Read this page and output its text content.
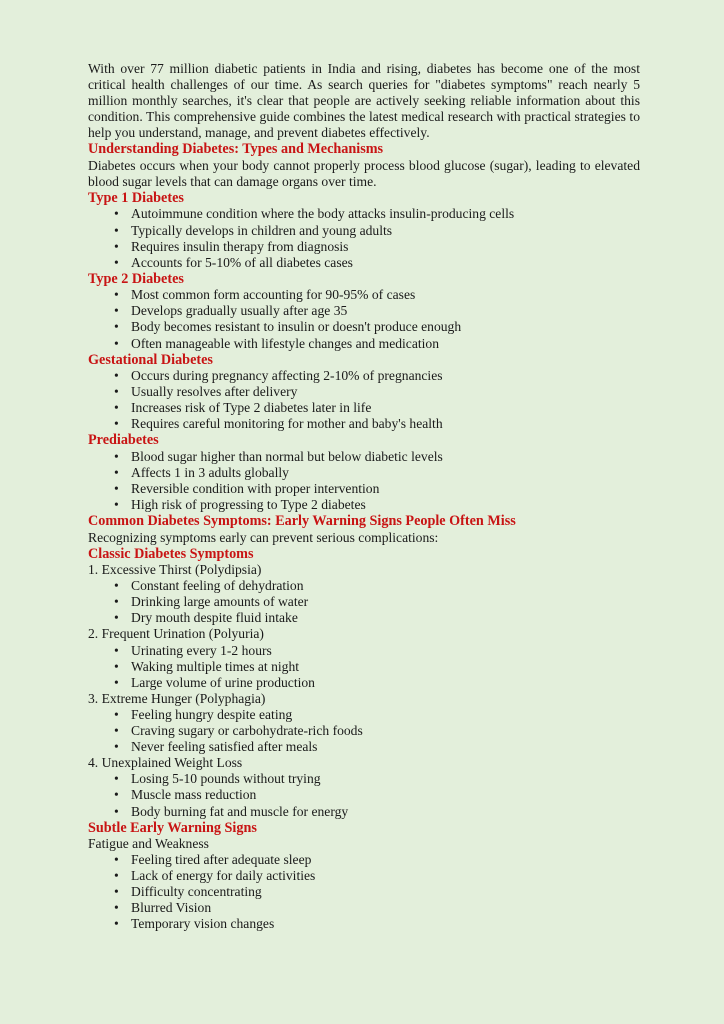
With over 77 million diabetic patients in India and rising, diabetes has become one of the most critical health challenges of our time. As search queries for "diabetes symptoms" reach nearly 5 million monthly searches, it's clear that people are actively seeking reliable information about this condition. This comprehensive guide combines the latest medical research with practical strategies to help you understand, manage, and prevent diabetes effectively.

Understanding Diabetes: Types and Mechanisms

Diabetes occurs when your body cannot properly process blood glucose (sugar), leading to elevated blood sugar levels that can damage organs over time.

Type 1 Diabetes
• Autoimmune condition where the body attacks insulin-producing cells
• Typically develops in children and young adults
• Requires insulin therapy from diagnosis
• Accounts for 5-10% of all diabetes cases
Type 2 Diabetes
• Most common form accounting for 90-95% of cases
• Develops gradually usually after age 35
• Body becomes resistant to insulin or doesn't produce enough
• Often manageable with lifestyle changes and medication
Gestational Diabetes
• Occurs during pregnancy affecting 2-10% of pregnancies
• Usually resolves after delivery
• Increases risk of Type 2 diabetes later in life
• Requires careful monitoring for mother and baby's health
Prediabetes
• Blood sugar higher than normal but below diabetic levels
• Affects 1 in 3 adults globally
• Reversible condition with proper intervention
• High risk of progressing to Type 2 diabetes
Common Diabetes Symptoms: Early Warning Signs People Often Miss

Recognizing symptoms early can prevent serious complications:

Classic Diabetes Symptoms

1. Excessive Thirst (Polydipsia)

• Constant feeling of dehydration
• Drinking large amounts of water
• Dry mouth despite fluid intake

2. Frequent Urination (Polyuria)

• Urinating every 1-2 hours
• Waking multiple times at night
• Large volume of urine production

3. Extreme Hunger (Polyphagia)

• Feeling hungry despite eating
• Craving sugary or carbohydrate-rich foods
• Never feeling satisfied after meals

4. Unexplained Weight Loss

• Losing 5-10 pounds without trying
• Muscle mass reduction
• Body burning fat and muscle for energy
Subtle Early Warning Signs

Fatigue and Weakness

• Feeling tired after adequate sleep
• Lack of energy for daily activities
• Difficulty concentrating
• Blurred Vision
• Temporary vision changes
